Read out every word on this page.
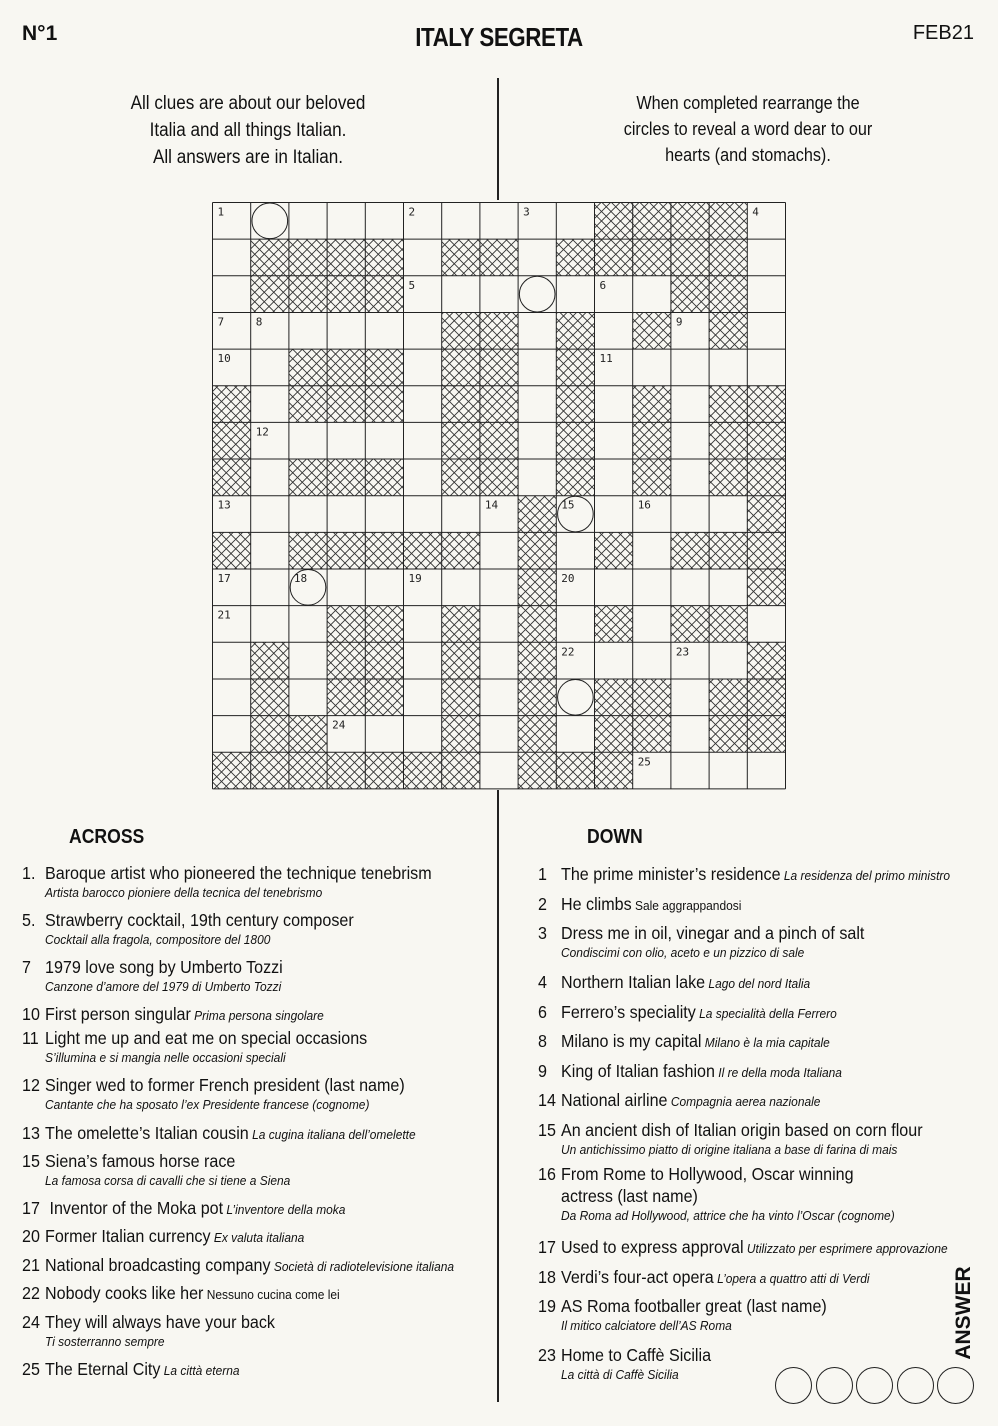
N°1	ITALY SEGRETA	FEB21
All clues are about our beloved
Italia and all things Italian.
All answers are in Italian.
When completed rearrange the
circles to reveal a word dear to our
hearts (and stomachs).
1	2	3	4
5	6
7	8	9
10	11
12
13	14	15	16
17	18	19	20
21
22	23
24
25
ACROSS	DOWN
1. Baroque artist who pioneered the technique tenebrism
Artista barocco pioniere della tecnica del tenebrismo
5. Strawberry cocktail, 19th century composer
Cocktail alla fragola, compositore del 1800
7 1979 love song by Umberto Tozzi
Canzone d’amore del 1979 di Umberto Tozzi
10 First person singular Prima persona singolare
11 Light me up and eat me on special occasions
S’illumina e si mangia nelle occasioni speciali
12 Singer wed to former French president (last name)
Cantante che ha sposato l’ex Presidente francese (cognome)
13 The omelette’s Italian cousin La cugina italiana dell’omelette
15 Siena’s famous horse race
La famosa corsa di cavalli che si tiene a Siena
17 Inventor of the Moka pot L’inventore della moka
20 Former Italian currency Ex valuta italiana
21 National broadcasting company Società di radiotelevisione italiana
22 Nobody cooks like her Nessuno cucina come lei
24 They will always have your back
Ti sosterranno sempre
25 The Eternal City La città eterna
1 The prime minister’s residence La residenza del primo ministro
2 He climbs Sale aggrappandosi
3 Dress me in oil, vinegar and a pinch of salt
Condiscimi con olio, aceto e un pizzico di sale
4 Northern Italian lake Lago del nord Italia
6 Ferrero’s speciality La specialità della Ferrero
8 Milano is my capital Milano è la mia capitale
9 King of Italian fashion Il re della moda Italiana
14 National airline Compagnia aerea nazionale
15 An ancient dish of Italian origin based on corn flour
Un antichissimo piatto di origine italiana a base di farina di mais
16 From Rome to Hollywood, Oscar winning
actress (last name)
Da Roma ad Hollywood, attrice che ha vinto l’Oscar (cognome)
17 Used to express approval Utilizzato per esprimere approvazione
18 Verdi’s four-act opera L’opera a quattro atti di Verdi
19 AS Roma footballer great (last name)
Il mitico calciatore dell’AS Roma
23 Home to Caffè Sicilia
La città di Caffè Sicilia
ANSWER
